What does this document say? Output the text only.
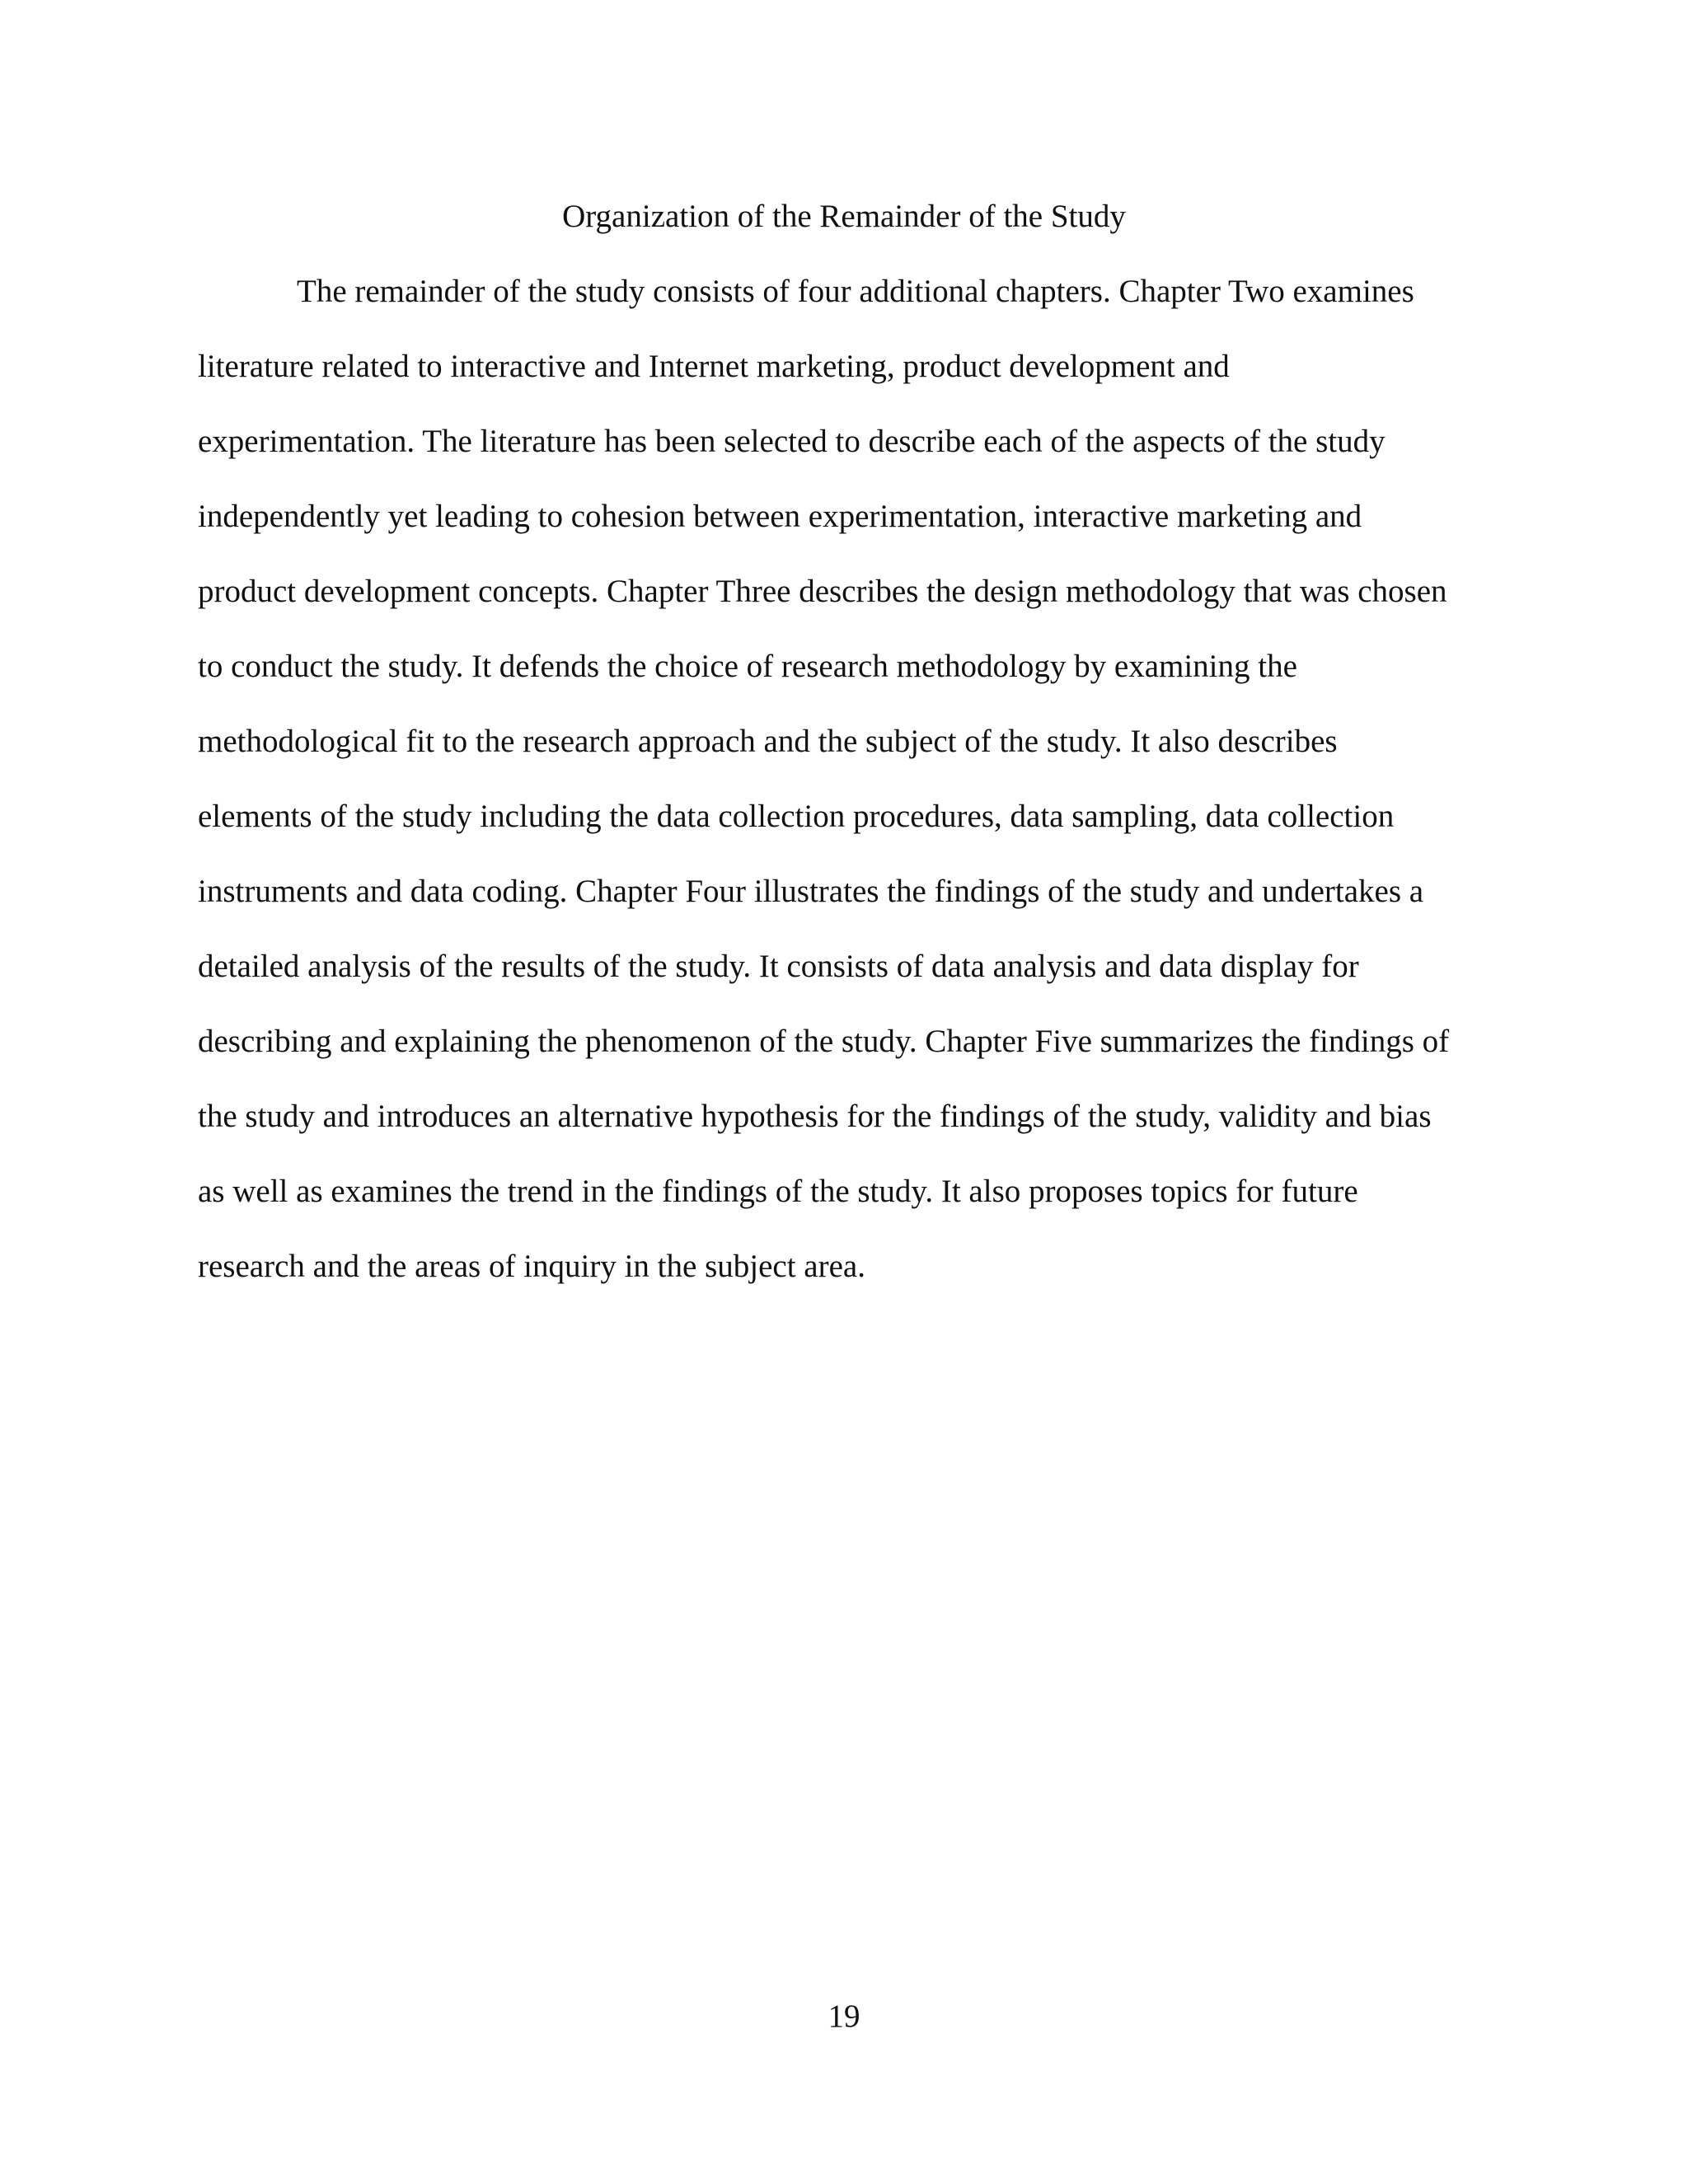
Organization of the Remainder of the Study
The remainder of the study consists of four additional chapters. Chapter Two examines
literature related to interactive and Internet marketing, product development and
experimentation. The literature has been selected to describe each of the aspects of the study
independently yet leading to cohesion between experimentation, interactive marketing and
product development concepts. Chapter Three describes the design methodology that was chosen
to conduct the study. It defends the choice of research methodology by examining the
methodological fit to the research approach and the subject of the study. It also describes
elements of the study including the data collection procedures, data sampling, data collection
instruments and data coding. Chapter Four illustrates the findings of the study and undertakes a
detailed analysis of the results of the study. It consists of data analysis and data display for
describing and explaining the phenomenon of the study. Chapter Five summarizes the findings of
the study and introduces an alternative hypothesis for the findings of the study, validity and bias
as well as examines the trend in the findings of the study. It also proposes topics for future
research and the areas of inquiry in the subject area.
19
